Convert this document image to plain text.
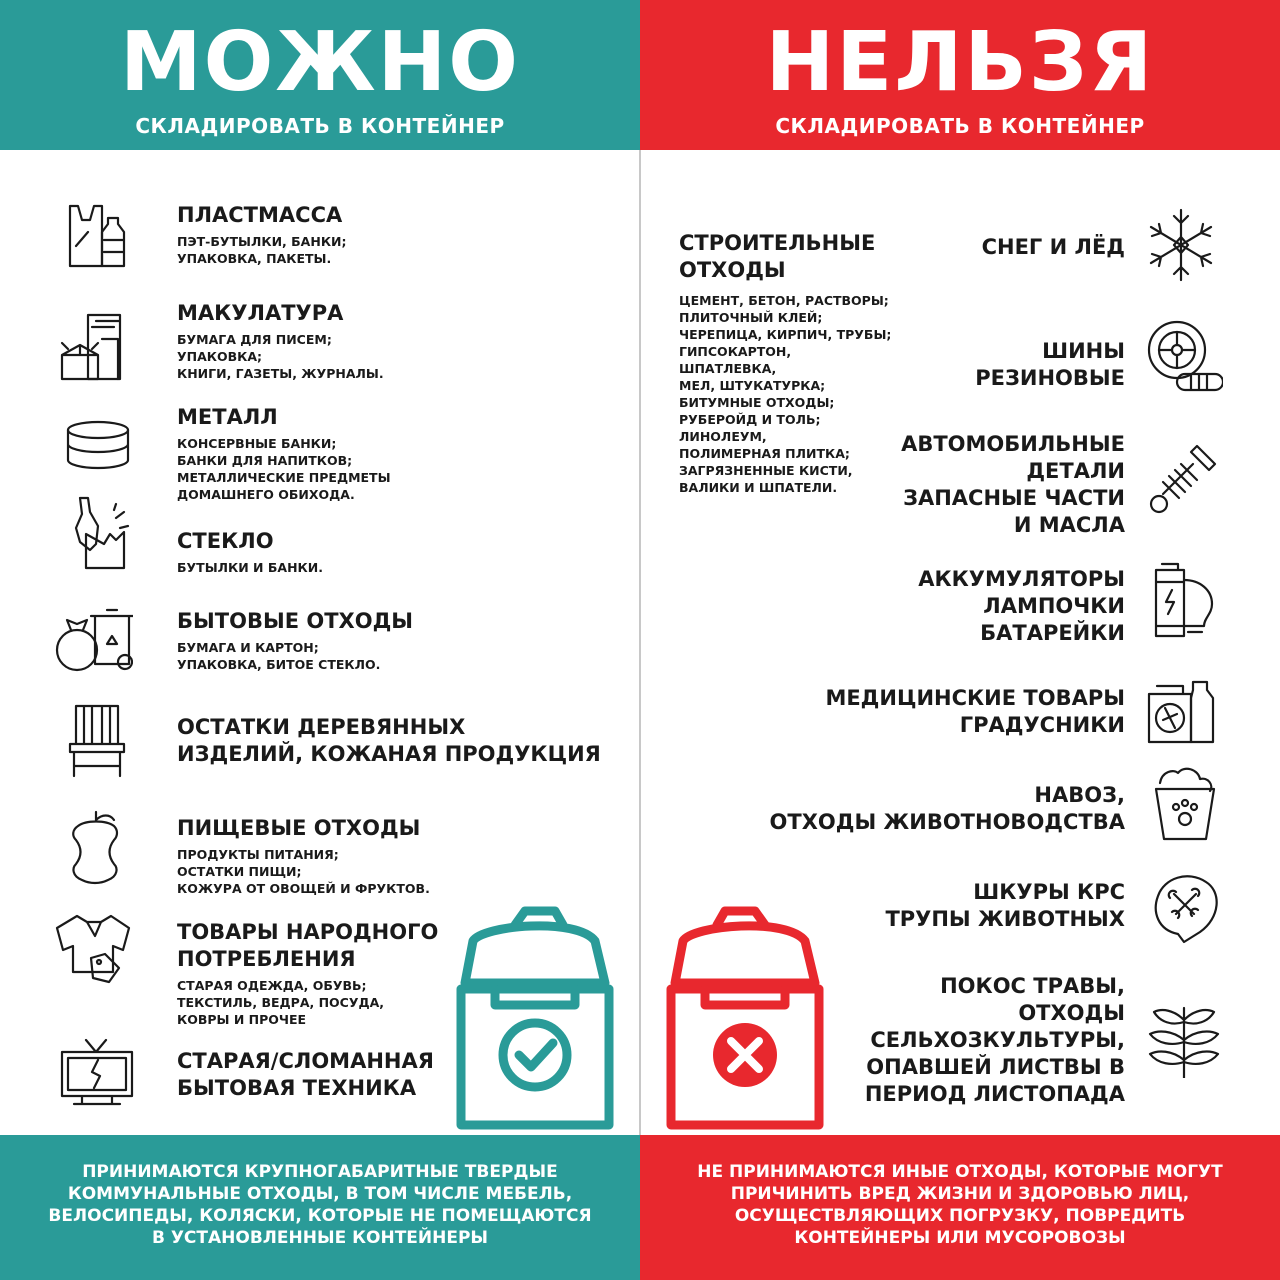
МОЖНО
СКЛАДИРОВАТЬ В КОНТЕЙНЕР
НЕЛЬЗЯ
СКЛАДИРОВАТЬ В КОНТЕЙНЕР
ПЛАСТМАССА
ПЭТ-БУТЫЛКИ, БАНКИ;
УПАКОВКА, ПАКЕТЫ.
МАКУЛАТУРА
БУМАГА ДЛЯ ПИСЕМ;
УПАКОВКА;
КНИГИ, ГАЗЕТЫ, ЖУРНАЛЫ.
МЕТАЛЛ
КОНСЕРВНЫЕ БАНКИ;
БАНКИ ДЛЯ НАПИТКОВ;
МЕТАЛЛИЧЕСКИЕ ПРЕДМЕТЫ
ДОМАШНЕГО ОБИХОДА.
СТЕКЛО
БУТЫЛКИ И БАНКИ.
БЫТОВЫЕ ОТХОДЫ
БУМАГА И КАРТОН;
УПАКОВКА, БИТОЕ СТЕКЛО.
ОСТАТКИ ДЕРЕВЯННЫХ
ИЗДЕЛИЙ, КОЖАНАЯ ПРОДУКЦИЯ
ПИЩЕВЫЕ ОТХОДЫ
ПРОДУКТЫ ПИТАНИЯ;
ОСТАТКИ ПИЩИ;
КОЖУРА ОТ ОВОЩЕЙ И ФРУКТОВ.
ТОВАРЫ НАРОДНОГО
ПОТРЕБЛЕНИЯ
СТАРАЯ ОДЕЖДА, ОБУВЬ;
ТЕКСТИЛЬ, ВЕДРА, ПОСУДА,
КОВРЫ И ПРОЧЕЕ
СТАРАЯ/СЛОМАННАЯ
БЫТОВАЯ ТЕХНИКА
СТРОИТЕЛЬНЫЕ
ОТХОДЫ
ЦЕМЕНТ, БЕТОН, РАСТВОРЫ;
ПЛИТОЧНЫЙ КЛЕЙ;
ЧЕРЕПИЦА, КИРПИЧ, ТРУБЫ;
ГИПСОКАРТОН,
ШПАТЛЕВКА,
МЕЛ, ШТУКАТУРКА;
БИТУМНЫЕ ОТХОДЫ;
РУБЕРОЙД И ТОЛЬ;
ЛИНОЛЕУМ,
ПОЛИМЕРНАЯ ПЛИТКА;
ЗАГРЯЗНЕННЫЕ КИСТИ,
ВАЛИКИ И ШПАТЕЛИ.
СНЕГ И ЛЁД
ШИНЫ
РЕЗИНОВЫЕ
АВТОМОБИЛЬНЫЕ
ДЕТАЛИ
ЗАПАСНЫЕ ЧАСТИ
И МАСЛА
АККУМУЛЯТОРЫ
ЛАМПОЧКИ
БАТАРЕЙКИ
МЕДИЦИНСКИЕ ТОВАРЫ
ГРАДУСНИКИ
НАВОЗ,
ОТХОДЫ ЖИВОТНОВОДСТВА
ШКУРЫ КРС
ТРУПЫ ЖИВОТНЫХ
ПОКОС ТРАВЫ,
ОТХОДЫ
СЕЛЬХОЗКУЛЬТУРЫ,
ОПАВШЕЙ ЛИСТВЫ В
ПЕРИОД ЛИСТОПАДА
ПРИНИМАЮТСЯ КРУПНОГАБАРИТНЫЕ ТВЕРДЫЕ
КОММУНАЛЬНЫЕ ОТХОДЫ, В ТОМ ЧИСЛЕ МЕБЕЛЬ,
ВЕЛОСИПЕДЫ, КОЛЯСКИ, КОТОРЫЕ НЕ ПОМЕЩАЮТСЯ
В УСТАНОВЛЕННЫЕ КОНТЕЙНЕРЫ
НЕ ПРИНИМАЮТСЯ ИНЫЕ ОТХОДЫ, КОТОРЫЕ МОГУТ
ПРИЧИНИТЬ ВРЕД ЖИЗНИ И ЗДОРОВЬЮ ЛИЦ,
ОСУЩЕСТВЛЯЮЩИХ ПОГРУЗКУ, ПОВРЕДИТЬ
КОНТЕЙНЕРЫ ИЛИ МУСОРОВОЗЫ
